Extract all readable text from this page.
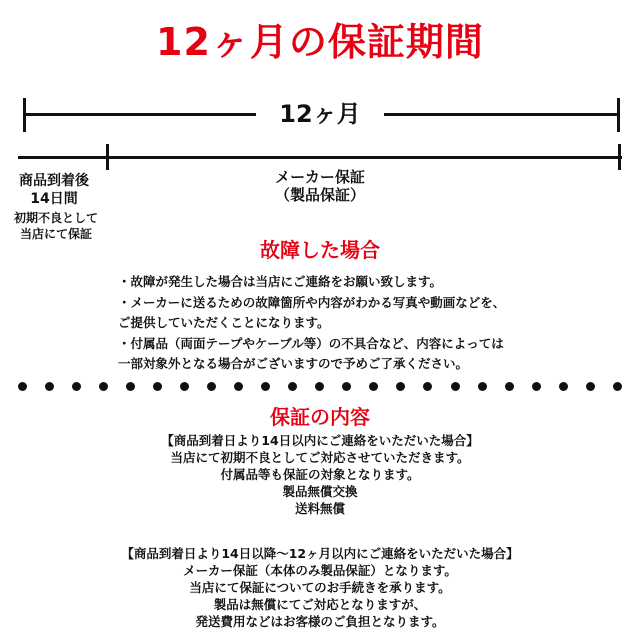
12ヶ月の保証期間
12ヶ月
商品到着後
14日間
初期不良として
当店にて保証
メーカー保証
（製品保証）
故障した場合
・故障が発生した場合は当店にご連絡をお願い致します。
・メーカーに送るための故障箇所や内容がわかる写真や動画などを、
ご提供していただくことになります。
・付属品（両面テープやケーブル等）の不具合など、内容によっては
一部対象外となる場合がございますので予めご了承ください。
保証の内容
【商品到着日より14日以内にご連絡をいただいた場合】
当店にて初期不良としてご対応させていただきます。
付属品等も保証の対象となります。
製品無償交換
送料無償
【商品到着日より14日以降〜12ヶ月以内にご連絡をいただいた場合】
メーカー保証（本体のみ製品保証）となります。
当店にて保証についてのお手続きを承ります。
製品は無償にてご対応となりますが、
発送費用などはお客様のご負担となります。
